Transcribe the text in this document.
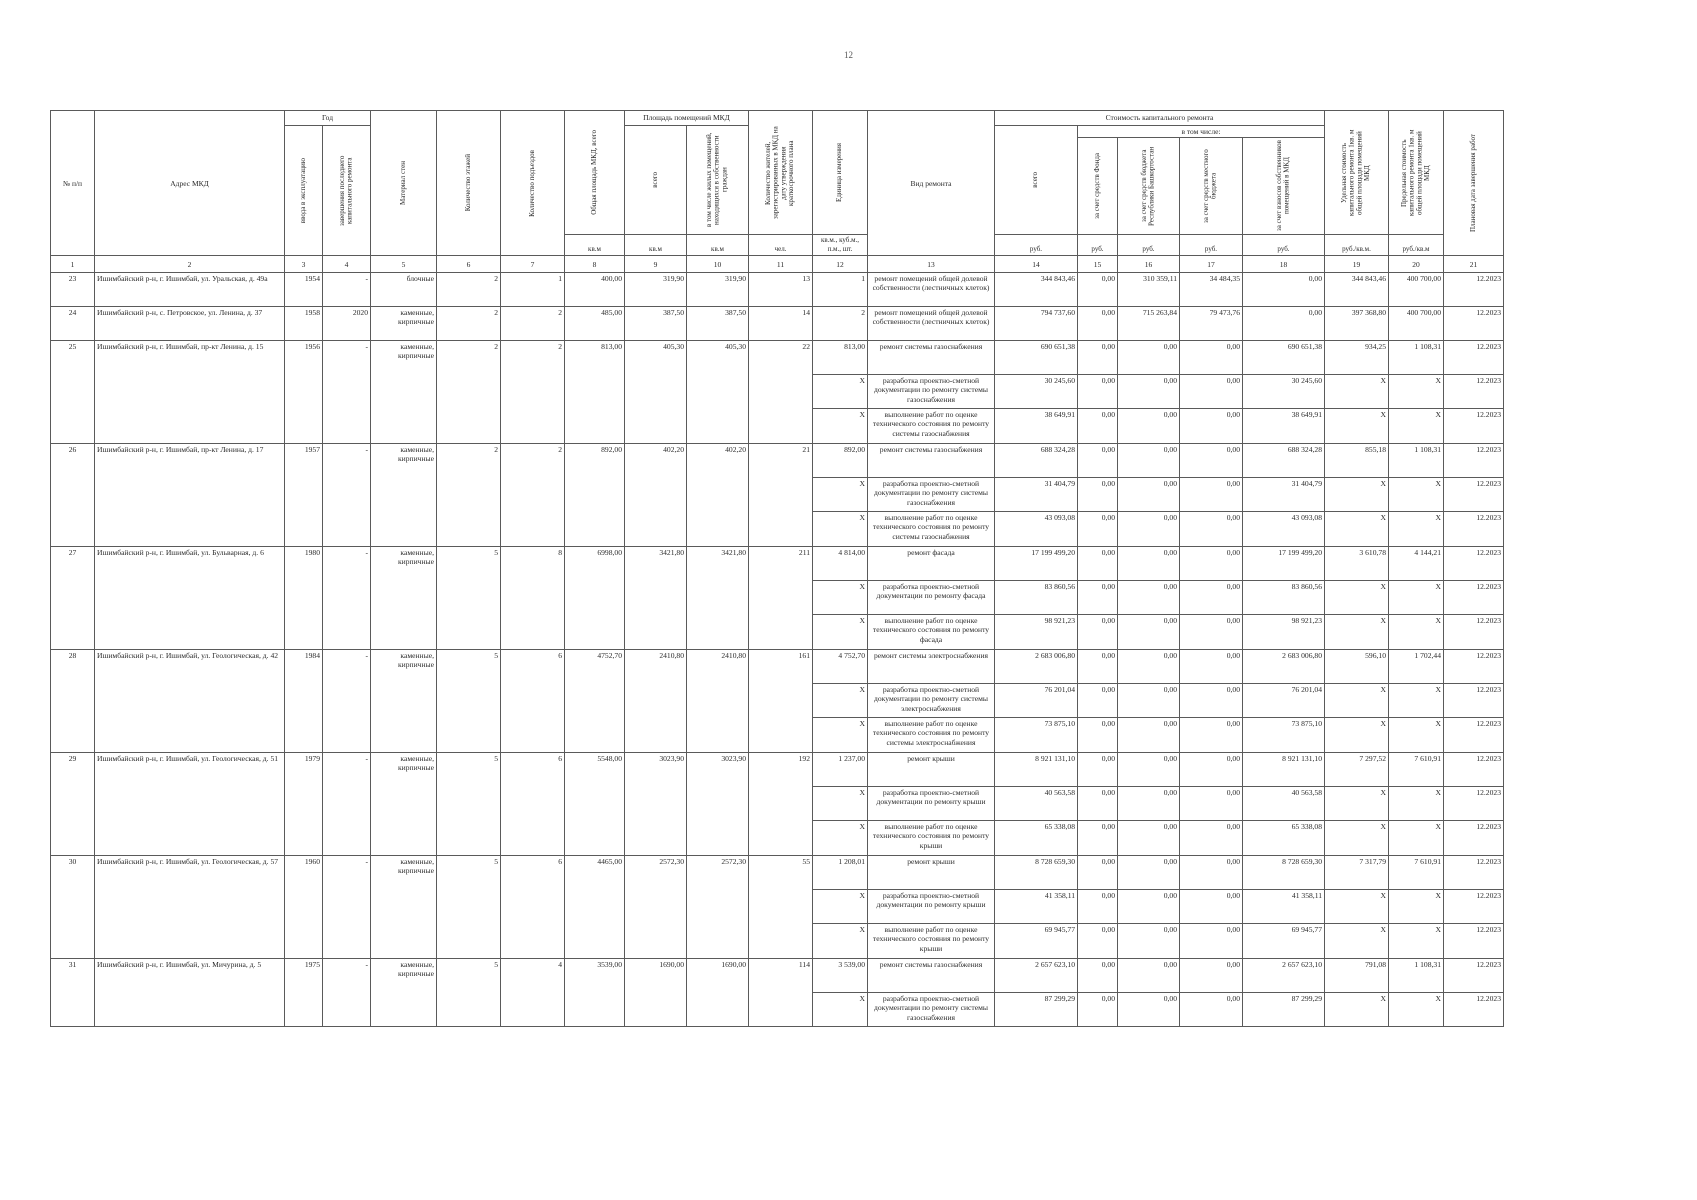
12
№ п/п	Адрес МКД	Год		Материал стен	Количество этажей	Количество подъездов	Общая площадь МКД, всего	Площадь помещений МКД		Количество жителей, зарегистрированных в МКД на дату утверждения краткосрочного плана	Единица измерения	Вид ремонта	Стоимость капитального ремонта					Удельная стоимость капитального ремонта 1кв. м общей площади помещений МКД	Предельная стоимость капитального ремонта 1кв. м общей площади помещений МКД	Плановая дата завершения работ

		ввода в эксплуатацию	завершения последнего капитального ремонта					всего	в том числе жилых помещений, находящихся в собственности граждан				всего	в том числе:						

														за счет средств Фонда	за счет средств бюджета Республики Башкортостан	за счет средств местного бюджета	за счет взносов собственников помещений в МКД			

							кв.м	кв.м	кв.м	чел.	кв.м., куб.м., п.м., шт.		руб.	руб.	руб.	руб.	руб.	руб./кв.м.	руб./кв.м	
1	2	3	4	5	6	7	8	9	10	11	12	13	14	15	16	17	18	19	20	21
23	Ишимбайский р-н, г. Ишимбай, ул. Уральская, д. 49а	1954	-	блочные	2	1	400,00	319,90	319,90	13	1	ремонт помещений общей долевой собственности (лестничных клеток)	344 843,46	0,00	310 359,11	34 484,35	0,00	344 843,46	400 700,00	12.2023
24	Ишимбайский р-н, с. Петровское, ул. Ленина, д. 37	1958	2020	каменные, кирпичные	2	2	485,00	387,50	387,50	14	2	ремонт помещений общей долевой собственности (лестничных клеток)	794 737,60	0,00	715 263,84	79 473,76	0,00	397 368,80	400 700,00	12.2023
25	Ишимбайский р-н, г. Ишимбай, пр-кт Ленина, д. 15	1956	-	каменные, кирпичные	2	2	813,00	405,30	405,30	22	813,00	ремонт системы газоснабжения	690 651,38	0,00	0,00	0,00	690 651,38	934,25	1 108,31	12.2023
											X	разработка проектно-сметной документации по ремонту системы газоснабжения	30 245,60	0,00	0,00	0,00	30 245,60	X	X	12.2023
											X	выполнение работ по оценке технического состояния по ремонту системы газоснабжения	38 649,91	0,00	0,00	0,00	38 649,91	X	X	12.2023
26	Ишимбайский р-н, г. Ишимбай, пр-кт Ленина, д. 17	1957	-	каменные, кирпичные	2	2	892,00	402,20	402,20	21	892,00	ремонт системы газоснабжения	688 324,28	0,00	0,00	0,00	688 324,28	855,18	1 108,31	12.2023
											X	разработка проектно-сметной документации по ремонту системы газоснабжения	31 404,79	0,00	0,00	0,00	31 404,79	X	X	12.2023
											X	выполнение работ по оценке технического состояния по ремонту системы газоснабжения	43 093,08	0,00	0,00	0,00	43 093,08	X	X	12.2023
27	Ишимбайский р-н, г. Ишимбай, ул. Бульварная, д. 6	1980	-	каменные, кирпичные	5	8	6998,00	3421,80	3421,80	211	4 814,00	ремонт фасада	17 199 499,20	0,00	0,00	0,00	17 199 499,20	3 610,78	4 144,21	12.2023
											X	разработка проектно-сметной документации по ремонту фасада	83 860,56	0,00	0,00	0,00	83 860,56	X	X	12.2023
											X	выполнение работ по оценке технического состояния по ремонту фасада	98 921,23	0,00	0,00	0,00	98 921,23	X	X	12.2023
28	Ишимбайский р-н, г. Ишимбай, ул. Геологическая, д. 42	1984	-	каменные, кирпичные	5	6	4752,70	2410,80	2410,80	161	4 752,70	ремонт системы электроснабжения	2 683 006,80	0,00	0,00	0,00	2 683 006,80	596,10	1 702,44	12.2023
											X	разработка проектно-сметной документации по ремонту системы электроснабжения	76 201,04	0,00	0,00	0,00	76 201,04	X	X	12.2023
											X	выполнение работ по оценке технического состояния по ремонту системы электроснабжения	73 875,10	0,00	0,00	0,00	73 875,10	X	X	12.2023
29	Ишимбайский р-н, г. Ишимбай, ул. Геологическая, д. 51	1979	-	каменные, кирпичные	5	6	5548,00	3023,90	3023,90	192	1 237,00	ремонт крыши	8 921 131,10	0,00	0,00	0,00	8 921 131,10	7 297,52	7 610,91	12.2023
											X	разработка проектно-сметной документации по ремонту крыши	40 563,58	0,00	0,00	0,00	40 563,58	X	X	12.2023
											X	выполнение работ по оценке технического состояния по ремонту крыши	65 338,08	0,00	0,00	0,00	65 338,08	X	X	12.2023
30	Ишимбайский р-н, г. Ишимбай, ул. Геологическая, д. 57	1960	-	каменные, кирпичные	5	6	4465,00	2572,30	2572,30	55	1 208,01	ремонт крыши	8 728 659,30	0,00	0,00	0,00	8 728 659,30	7 317,79	7 610,91	12.2023
											X	разработка проектно-сметной документации по ремонту крыши	41 358,11	0,00	0,00	0,00	41 358,11	X	X	12.2023
											X	выполнение работ по оценке технического состояния по ремонту крыши	69 945,77	0,00	0,00	0,00	69 945,77	X	X	12.2023
31	Ишимбайский р-н, г. Ишимбай, ул. Мичурина, д. 5	1975	-	каменные, кирпичные	5	4	3539,00	1690,00	1690,00	114	3 539,00	ремонт системы газоснабжения	2 657 623,10	0,00	0,00	0,00	2 657 623,10	791,08	1 108,31	12.2023
											X	разработка проектно-сметной документации по ремонту системы газоснабжения	87 299,29	0,00	0,00	0,00	87 299,29	X	X	12.2023
